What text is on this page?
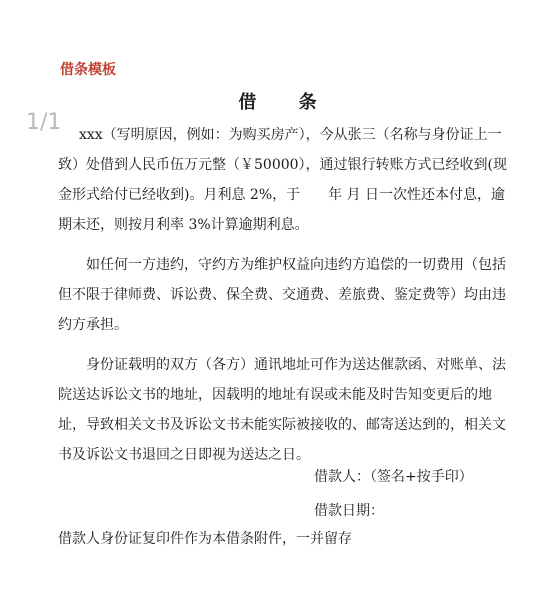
借条模板
借 条

xxx（写明原因，例如：为购买房产），今从张三（名称与身份证上一致）处借到人民币伍万元整（￥50000），通过银行转账方式已经收到(现金形式给付已经收到)。月利息 2%，于　　年 月 日一次性还本付息，逾期未还，则按月利率 3%计算逾期利息。

如任何一方违约，守约方为维护权益向违约方追偿的一切费用（包括但不限于律师费、诉讼费、保全费、交通费、差旅费、鉴定费等）均由违约方承担。

身份证载明的双方（各方）通讯地址可作为送达催款函、对账单、法院送达诉讼文书的地址，因载明的地址有误或未能及时告知变更后的地址，导致相关文书及诉讼文书未能实际被接收的、邮寄送达到的，相关文书及诉讼文书退回之日即视为送达之日。

1/1
借款人：（签名+按手印）
借款日期：
借款人身份证复印件作为本借条附件，一并留存
